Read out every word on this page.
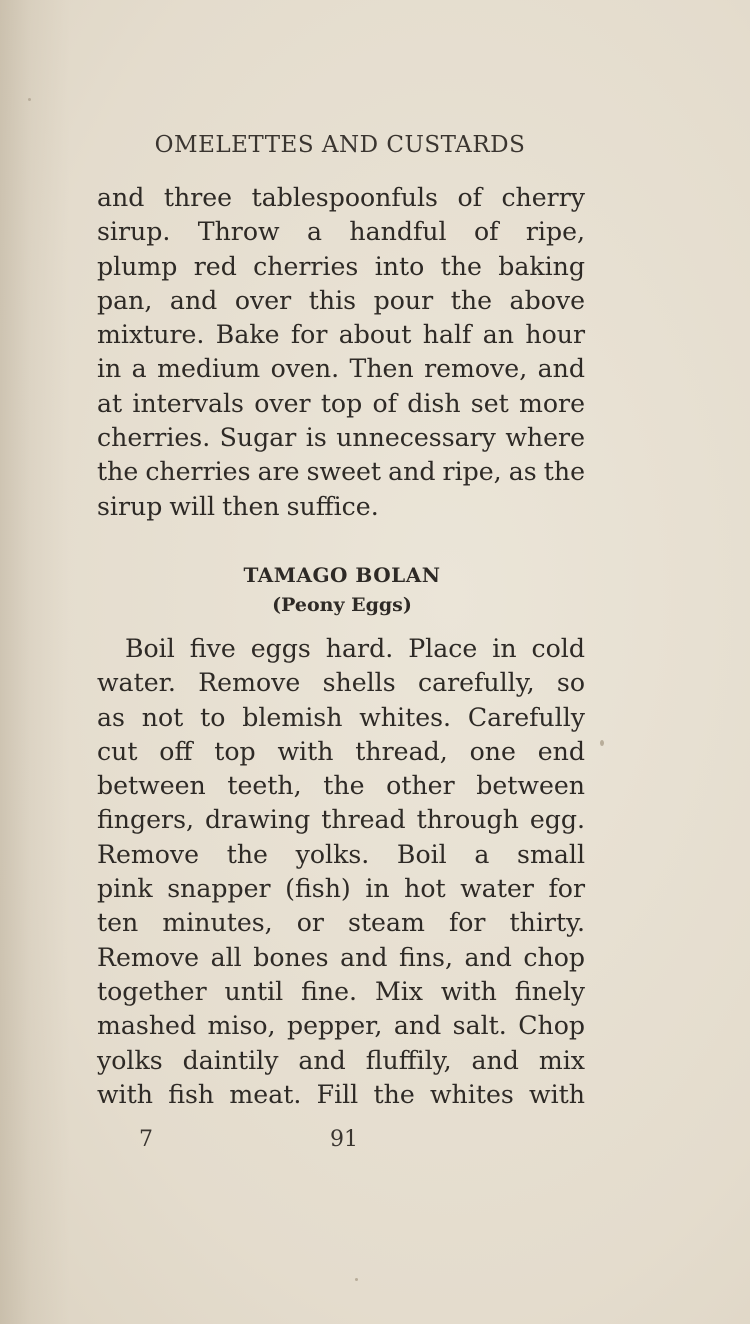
OMELETTES AND CUSTARDS
and three tablespoonfuls of cherry
sirup. Throw a handful of ripe,
plump red cherries into the baking
pan, and over this pour the above
mixture. Bake for about half an hour
in a medium oven. Then remove, and
at intervals over top of dish set more
cherries. Sugar is unnecessary where
the cherries are sweet and ripe, as the
sirup will then suffice.
TAMAGO BOLAN
(Peony Eggs)
Boil five eggs hard. Place in cold
water. Remove shells carefully, so
as not to blemish whites. Carefully
cut off top with thread, one end
between teeth, the other between
fingers, drawing thread through egg.
Remove the yolks. Boil a small
pink snapper (fish) in hot water for
ten minutes, or steam for thirty.
Remove all bones and fins, and chop
together until fine. Mix with finely
mashed miso, pepper, and salt. Chop
yolks daintily and fluffily, and mix
with fish meat. Fill the whites with
7	91
